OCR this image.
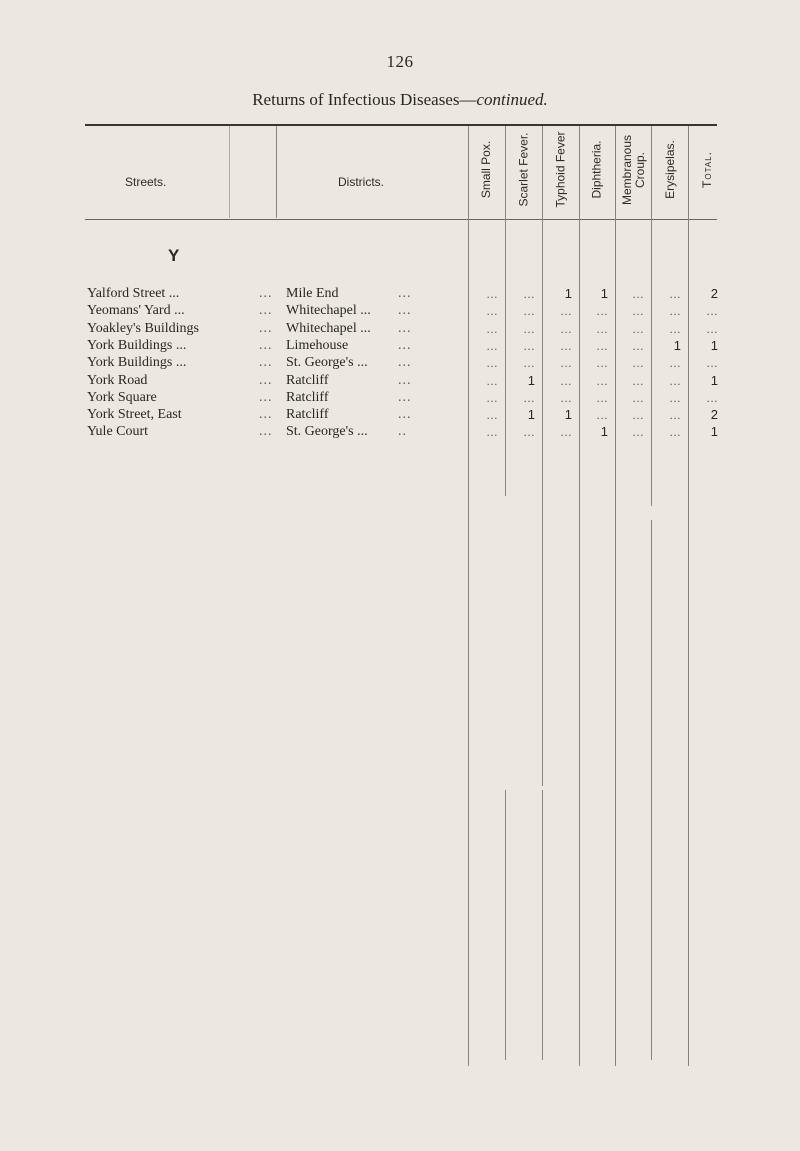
126
Returns of Infectious Diseases—continued.
Streets.	Districts.	Small Pox. Scarlet Fever. Typhoid Fever Diphtheria. Membranous Croup. Erysipelas. Total.
Y
Yalford Street ...	... Mile End	...	...	...	1	1	...	...	2
Yeomans' Yard ...	... Whitechapel ... ...	...	...	...	...	...	...	...
Yoakley's Buildings	... Whitechapel ... ...	...	...	...	...	...	...	...
York Buildings ...	... Limehouse	...	...	...	...	...	...	1	1
York Buildings ...	... St. George's ... ...	...	...	...	...	...	...	...
York Road	... Ratcliff	...	...	1	...	...	...	...	1
York Square	... Ratcliff	...	...	...	...	...	...	...	...
York Street, East	... Ratcliff	...	...	1	1	...	...	...	2
Yule Court	... St. George's ... ..	...	...	...	1	...	...	1
